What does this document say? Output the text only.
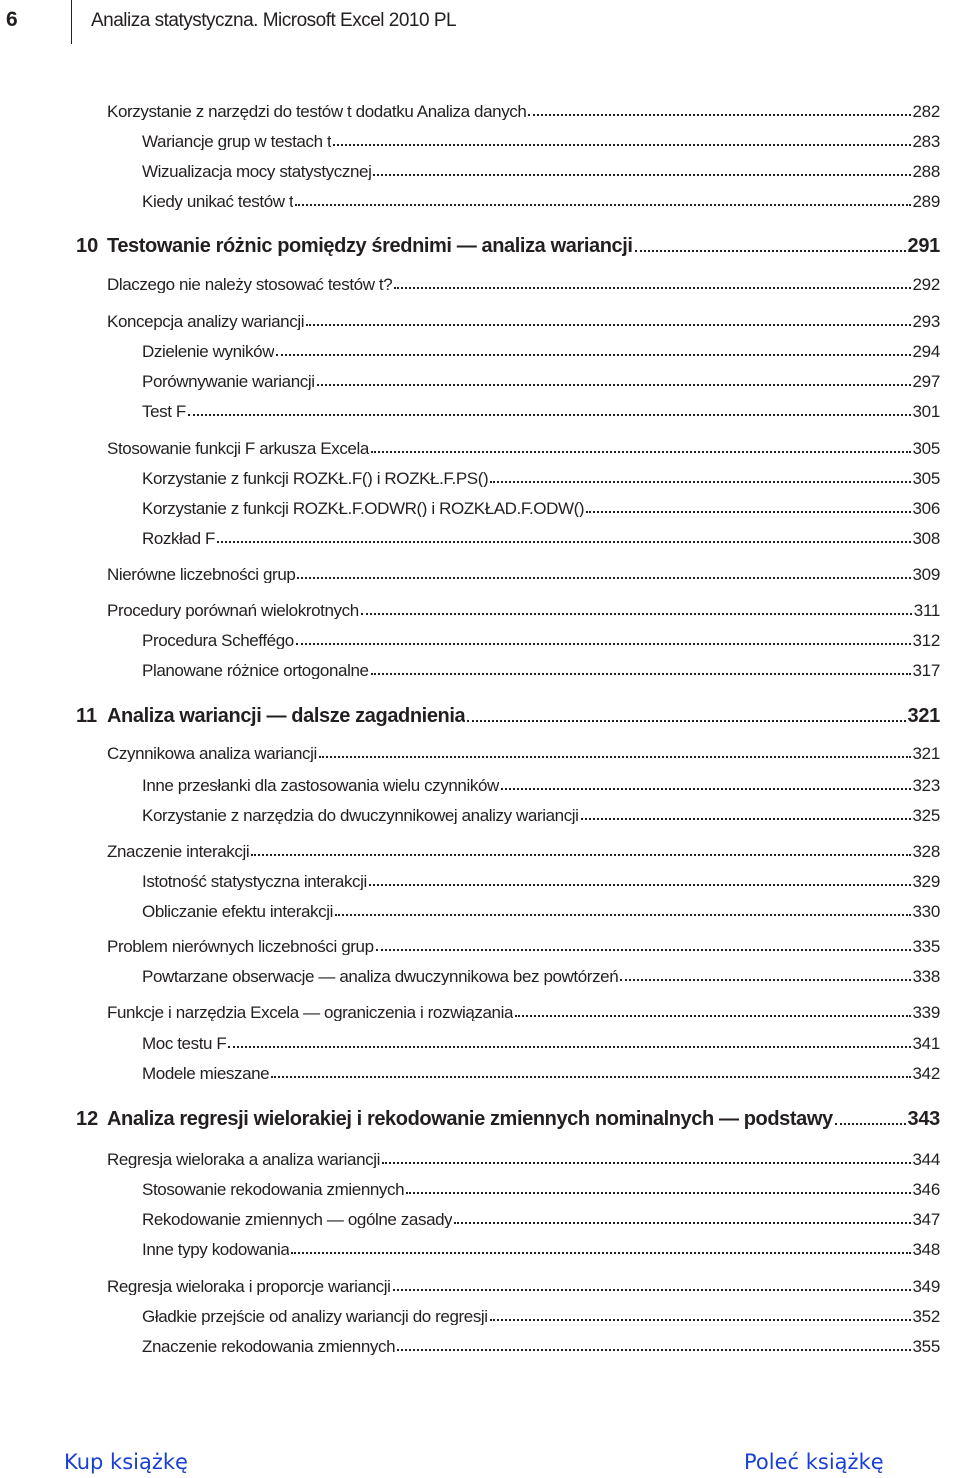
6	Analiza statystyczna. Microsoft Excel 2010 PL
Korzystanie z narzędzi do testów t dodatku Analiza danych	282
Wariancje grup w testach t	283
Wizualizacja mocy statystycznej	288
Kiedy unikać testów t	289
10 Testowanie różnic pomiędzy średnimi — analiza wariancji	291
Dlaczego nie należy stosować testów t?	292
Koncepcja analizy wariancji	293
Dzielenie wyników	294
Porównywanie wariancji	297
Test F	301
Stosowanie funkcji F arkusza Excela	305
Korzystanie z funkcji ROZKŁ.F() i ROZKŁ.F.PS()	305
Korzystanie z funkcji ROZKŁ.F.ODWR() i ROZKŁAD.F.ODW()	306
Rozkład F	308
Nierówne liczebności grup	309
Procedury porównań wielokrotnych	311
Procedura Scheffégo	312
Planowane różnice ortogonalne	317
11 Analiza wariancji — dalsze zagadnienia	321
Czynnikowa analiza wariancji	321
Inne przesłanki dla zastosowania wielu czynników	323
Korzystanie z narzędzia do dwuczynnikowej analizy wariancji	325
Znaczenie interakcji	328
Istotność statystyczna interakcji	329
Obliczanie efektu interakcji	330
Problem nierównych liczebności grup	335
Powtarzane obserwacje — analiza dwuczynnikowa bez powtórzeń	338
Funkcje i narzędzia Excela — ograniczenia i rozwiązania	339
Moc testu F	341
Modele mieszane	342
12 Analiza regresji wielorakiej i rekodowanie zmiennych nominalnych — podstawy	343
Regresja wieloraka a analiza wariancji	344
Stosowanie rekodowania zmiennych	346
Rekodowanie zmiennych — ogólne zasady	347
Inne typy kodowania	348
Regresja wieloraka i proporcje wariancji	349
Gładkie przejście od analizy wariancji do regresji	352
Znaczenie rekodowania zmiennych	355
Kup książkę	Poleć książkę
